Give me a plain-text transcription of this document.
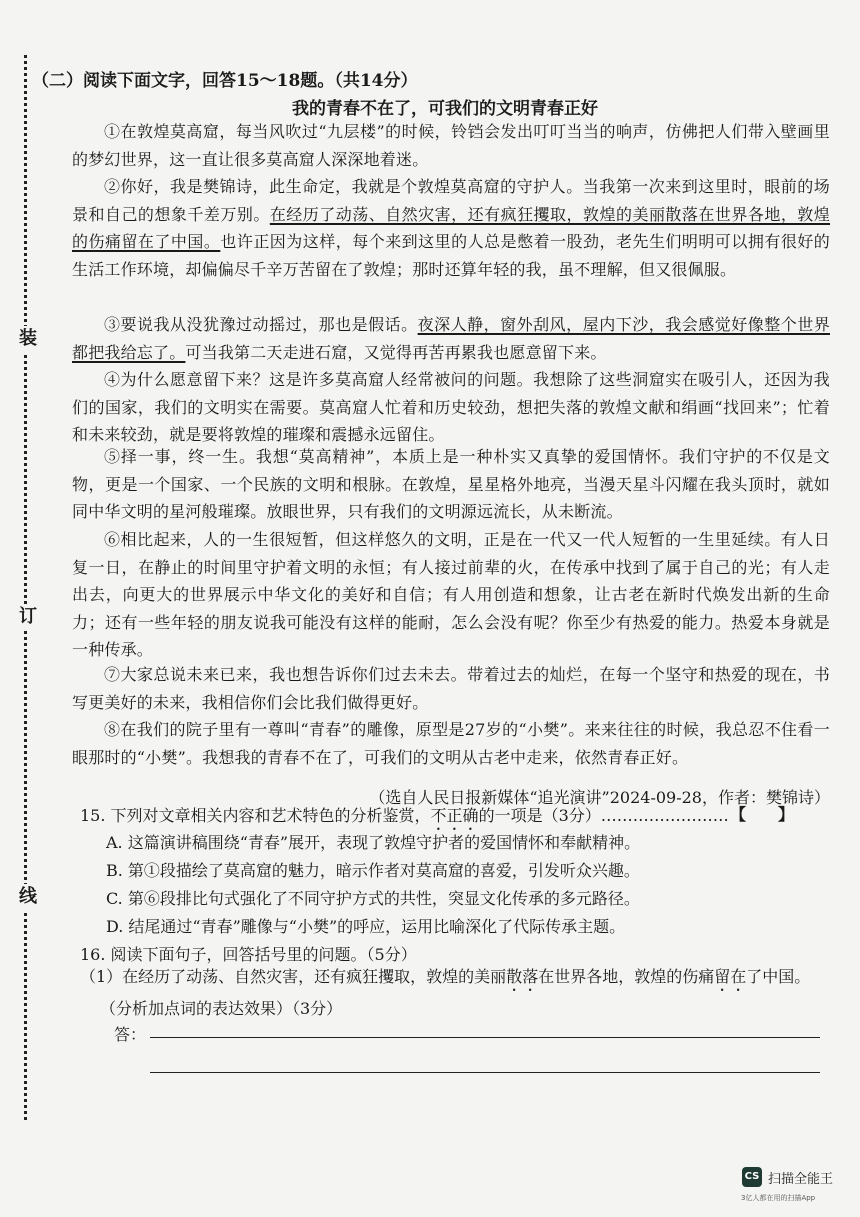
装
订
线
（二）阅读下面文字，回答15～18题。（共14分）
我的青春不在了，可我们的文明青春正好
①在敦煌莫高窟，每当风吹过“九层楼”的时候，铃铛会发出叮叮当当的响声，仿佛把人们带入壁画里的梦幻世界，这一直让很多莫高窟人深深地着迷。
②你好，我是樊锦诗，此生命定，我就是个敦煌莫高窟的守护人。当我第一次来到这里时，眼前的场景和自己的想象千差万别。在经历了动荡、自然灾害，还有疯狂攫取，敦煌的美丽散落在世界各地，敦煌的伤痛留在了中国。也许正因为这样，每个来到这里的人总是憋着一股劲，老先生们明明可以拥有很好的生活工作环境，却偏偏尽千辛万苦留在了敦煌；那时还算年轻的我，虽不理解，但又很佩服。
③要说我从没犹豫过动摇过，那也是假话。夜深人静，窗外刮风，屋内下沙，我会感觉好像整个世界都把我给忘了。可当我第二天走进石窟，又觉得再苦再累我也愿意留下来。
④为什么愿意留下来？这是许多莫高窟人经常被问的问题。我想除了这些洞窟实在吸引人，还因为我们的国家，我们的文明实在需要。莫高窟人忙着和历史较劲，想把失落的敦煌文献和绢画“找回来”；忙着和未来较劲，就是要将敦煌的璀璨和震撼永远留住。
⑤择一事，终一生。我想“莫高精神”，本质上是一种朴实又真挚的爱国情怀。我们守护的不仅是文物，更是一个国家、一个民族的文明和根脉。在敦煌，星星格外地亮，当漫天星斗闪耀在我头顶时，就如同中华文明的星河般璀璨。放眼世界，只有我们的文明源远流长，从未断流。
⑥相比起来，人的一生很短暂，但这样悠久的文明，正是在一代又一代人短暂的一生里延续。有人日复一日，在静止的时间里守护着文明的永恒；有人接过前辈的火，在传承中找到了属于自己的光；有人走出去，向更大的世界展示中华文化的美好和自信；有人用创造和想象，让古老在新时代焕发出新的生命力；还有一些年轻的朋友说我可能没有这样的能耐，怎么会没有呢？你至少有热爱的能力。热爱本身就是一种传承。
⑦大家总说未来已来，我也想告诉你们过去未去。带着过去的灿烂，在每一个坚守和热爱的现在，书写更美好的未来，我相信你们会比我们做得更好。
⑧在我们的院子里有一尊叫“青春”的雕像，原型是27岁的“小樊”。来来往往的时候，我总忍不住看一眼那时的“小樊”。我想我的青春不在了，可我们的文明从古老中走来，依然青春正好。
（选自人民日报新媒体“追光演讲”2024-09-28，作者：樊锦诗）
15. 下列对文章相关内容和艺术特色的分析鉴赏，不正确的一项是（3分）…………………… 【　　】
A. 这篇演讲稿围绕“青春”展开，表现了敦煌守护者的爱国情怀和奉献精神。
B. 第①段描绘了莫高窟的魅力，暗示作者对莫高窟的喜爱，引发听众兴趣。
C. 第⑥段排比句式强化了不同守护方式的共性，突显文化传承的多元路径。
D. 结尾通过“青春”雕像与“小樊”的呼应，运用比喻深化了代际传承主题。
16. 阅读下面句子，回答括号里的问题。（5分）
（1）在经历了动荡、自然灾害，还有疯狂攫取，敦煌的美丽散落在世界各地，敦煌的伤痛留在了中国。（分析加点词的表达效果）（3分）
答：
CS 扫描全能王
3亿人都在用的扫描App
